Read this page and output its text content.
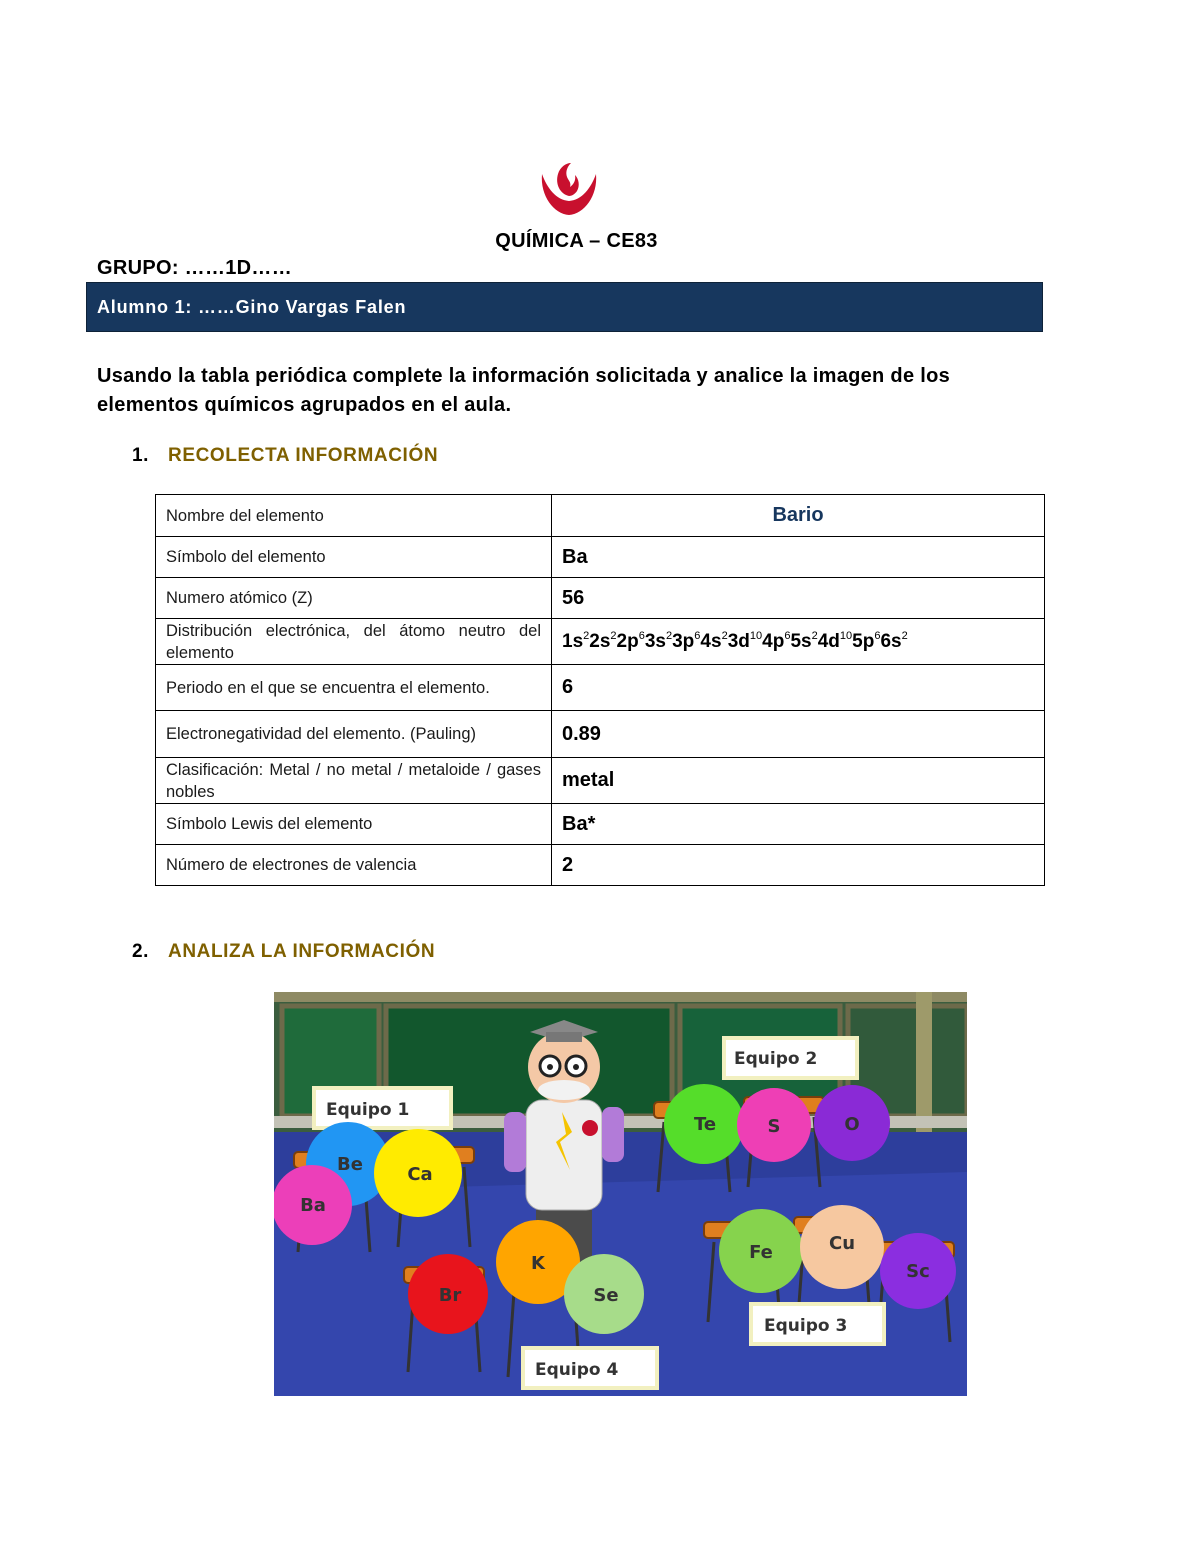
QUÍMICA – CE83
GRUPO: ……1D……
Alumno 1: ……Gino Vargas Falen
Usando la tabla periódica complete la información solicitada y analice la imagen de los elementos químicos agrupados en el aula.
1. RECOLECTA INFORMACIÓN
Nombre del elemento	Bario
Símbolo del elemento	Ba
Numero atómico (Z)	56
Distribución electrónica, del átomo neutro del elemento	$1s^22s^22p^63s^23p^64s^23d^{10}4p^65s^24d^{10}5p^66s^2$
Periodo en el que se encuentra el elemento.	6
Electronegatividad del elemento. (Pauling)	0.89
Clasificación: Metal / no metal / metaloide / gases nobles	metal
Símbolo Lewis del elemento	Ba*
Número de electrones de valencia	2
2. ANALIZA LA INFORMACIÓN
Equipo 1
Equipo 2
Equipo 3
Equipo 4
Be Ca
Ba
Te	S	O
K
Br	Se
Fe	Cu
Sc
